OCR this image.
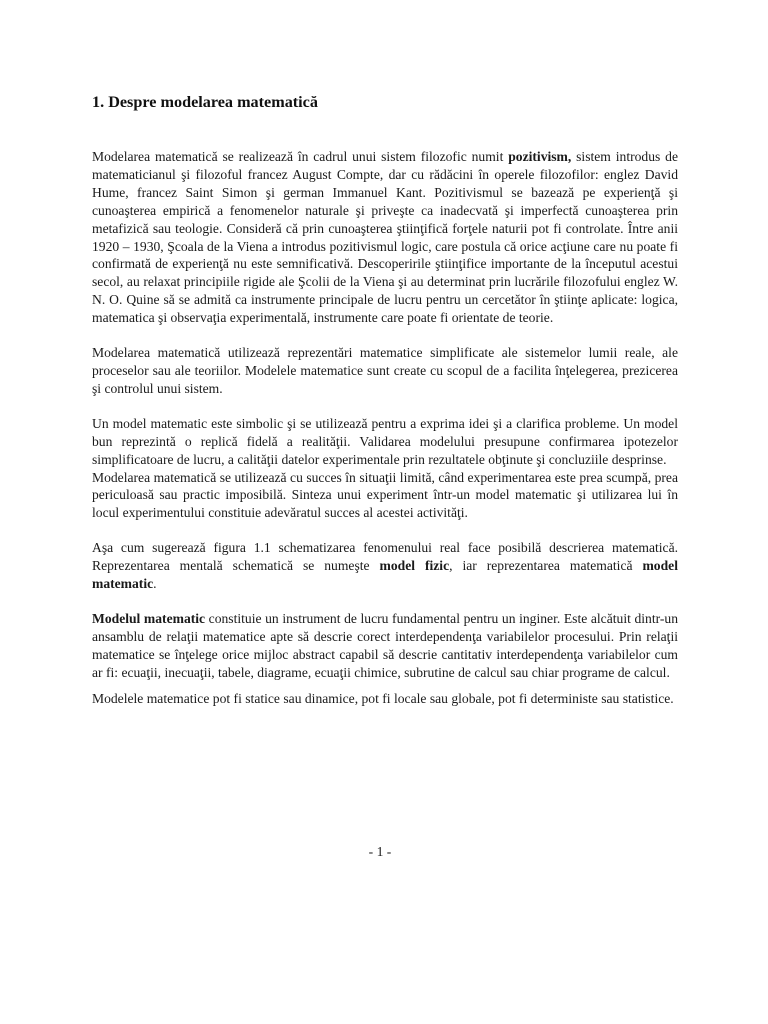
1. Despre modelarea matematică

Modelarea matematică se realizează în cadrul unui sistem filozofic numit pozitivism, sistem introdus de matematicianul şi filozoful francez August Compte, dar cu rădăcini în operele filozofilor: englez David Hume, francez Saint Simon şi german Immanuel Kant. Pozitivismul se bazează pe experienţă şi cunoaşterea empirică a fenomenelor naturale şi priveşte ca inadecvată şi imperfectă cunoaşterea prin metafizică sau teologie. Consideră că prin cunoaşterea ştiinţifică forţele naturii pot fi controlate. Între anii 1920 – 1930, Şcoala de la Viena a introdus pozitivismul logic, care postula că orice acţiune care nu poate fi confirmată de experienţă nu este semnificativă. Descoperirile ştiinţifice importante de la începutul acestui secol, au relaxat principiile rigide ale Şcolii de la Viena şi au determinat prin lucrările filozofului englez W. N. O. Quine să se admită ca instrumente principale de lucru pentru un cercetător în ştiinţe aplicate: logica, matematica şi observaţia experimentală, instrumente care poate fi orientate de teorie.

Modelarea matematică utilizează reprezentări matematice simplificate ale sistemelor lumii reale, ale proceselor sau ale teoriilor. Modelele matematice sunt create cu scopul de a facilita înţelegerea, prezicerea şi controlul unui sistem.

Un model matematic este simbolic şi se utilizează pentru a exprima idei şi a clarifica probleme. Un model bun reprezintă o replică fidelă a realităţii. Validarea modelului presupune confirmarea ipotezelor simplificatoare de lucru, a calităţii datelor experimentale prin rezultatele obţinute şi concluziile desprinse.

Modelarea matematică se utilizează cu succes în situaţii limită, când experimentarea este prea scumpă, prea periculoasă sau practic imposibilă. Sinteza unui experiment într-un model matematic şi utilizarea lui în locul experimentului constituie adevăratul succes al acestei activităţi.

Aşa cum sugerează figura 1.1 schematizarea fenomenului real face posibilă descrierea matematică. Reprezentarea mentală schematică se numeşte model fizic, iar reprezentarea matematică model matematic.

Modelul matematic constituie un instrument de lucru fundamental pentru un inginer. Este alcătuit dintr-un ansamblu de relaţii matematice apte să descrie corect interdependenţa variabilelor procesului. Prin relaţii matematice se înţelege orice mijloc abstract capabil să descrie cantitativ interdependenţa variabilelor cum ar fi: ecuaţii, inecuaţii, tabele, diagrame, ecuaţii chimice, subrutine de calcul sau chiar programe de calcul.

Modelele matematice pot fi statice sau dinamice, pot fi locale sau globale, pot fi deterministe sau statistice.

- 1 -
